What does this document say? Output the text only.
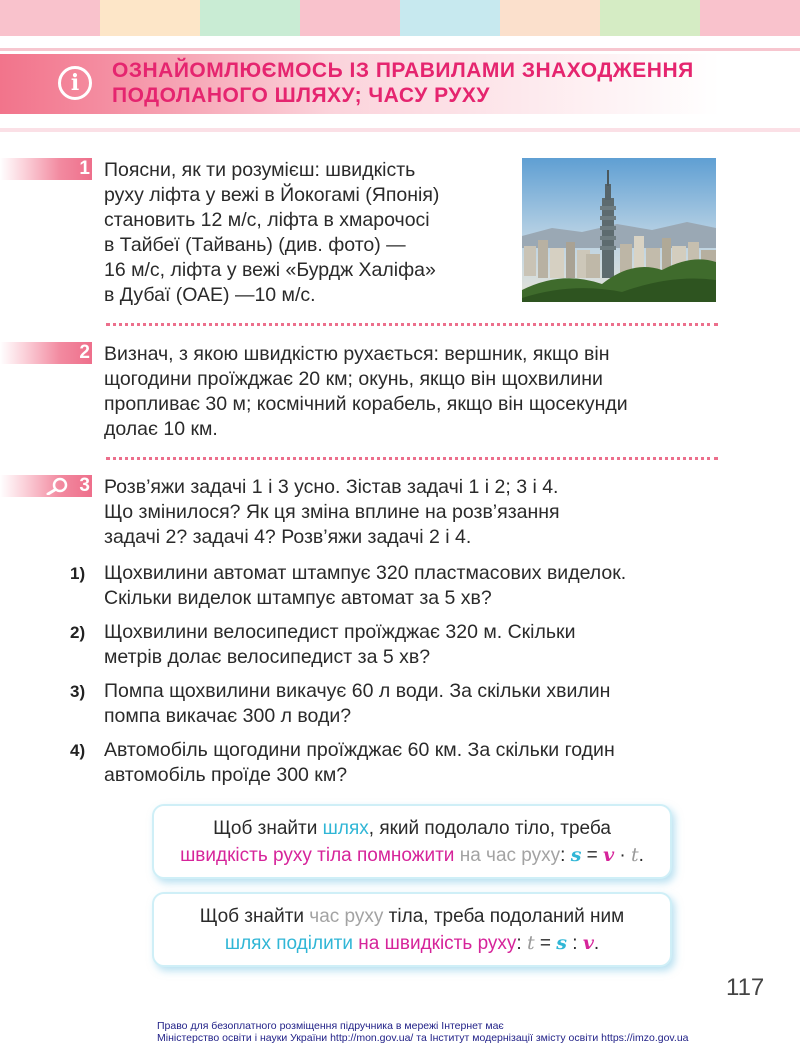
i	ОЗНАЙОМЛЮЄМОСЬ ІЗ ПРАВИЛАМИ ЗНАХОДЖЕННЯ
ПОДОЛАНОГО ШЛЯХУ; ЧАСУ РУХУ
1 Поясни, як ти розумієш: швидкість
руху ліфта у вежі в Йокогамі (Японія)
становить 12 м/с, ліфта в хмарочосі
в Тайбеї (Тайвань) (див. фото) —
16 м/с, ліфта у вежі «Бурдж Халіфа»
в Дубаї (ОАЕ) —10 м/с.
2 Визнач, з якою швидкістю рухається: вершник, якщо він
щогодини проїжджає 20 км; окунь, якщо він щохвилини
пропливає 30 м; космічний корабель, якщо він щосекунди
долає 10 км.
3 Розв’яжи задачі 1 і 3 усно. Зістав задачі 1 і 2; 3 і 4.
Що змінилося? Як ця зміна вплине на розв’язання
задачі 2? задачі 4? Розв’яжи задачі 2 і 4.
1) Щохвилини автомат штампує 320 пластмасових виделок.
Скільки виделок штампує автомат за 5 хв?
2) Щохвилини велосипедист проїжджає 320 м. Скільки
метрів долає велосипедист за 5 хв?
3) Помпа щохвилини викачує 60 л води. За скільки хвилин
помпа викачає 300 л води?
4) Автомобіль щогодини проїжджає 60 км. За скільки годин
автомобіль проїде 300 км?
Щоб знайти шлях, який подолало тіло, треба
швидкість руху тіла помножити на час руху: s = v · t.
Щоб знайти час руху тіла, треба подоланий ним
шлях поділити на швидкість руху: t = s : v.
117
Право для безоплатного розміщення підручника в мережі Інтернет має
Міністерство освіти і науки України http://mon.gov.ua/ та Інститут модернізації змісту освіти https://imzo.gov.ua
